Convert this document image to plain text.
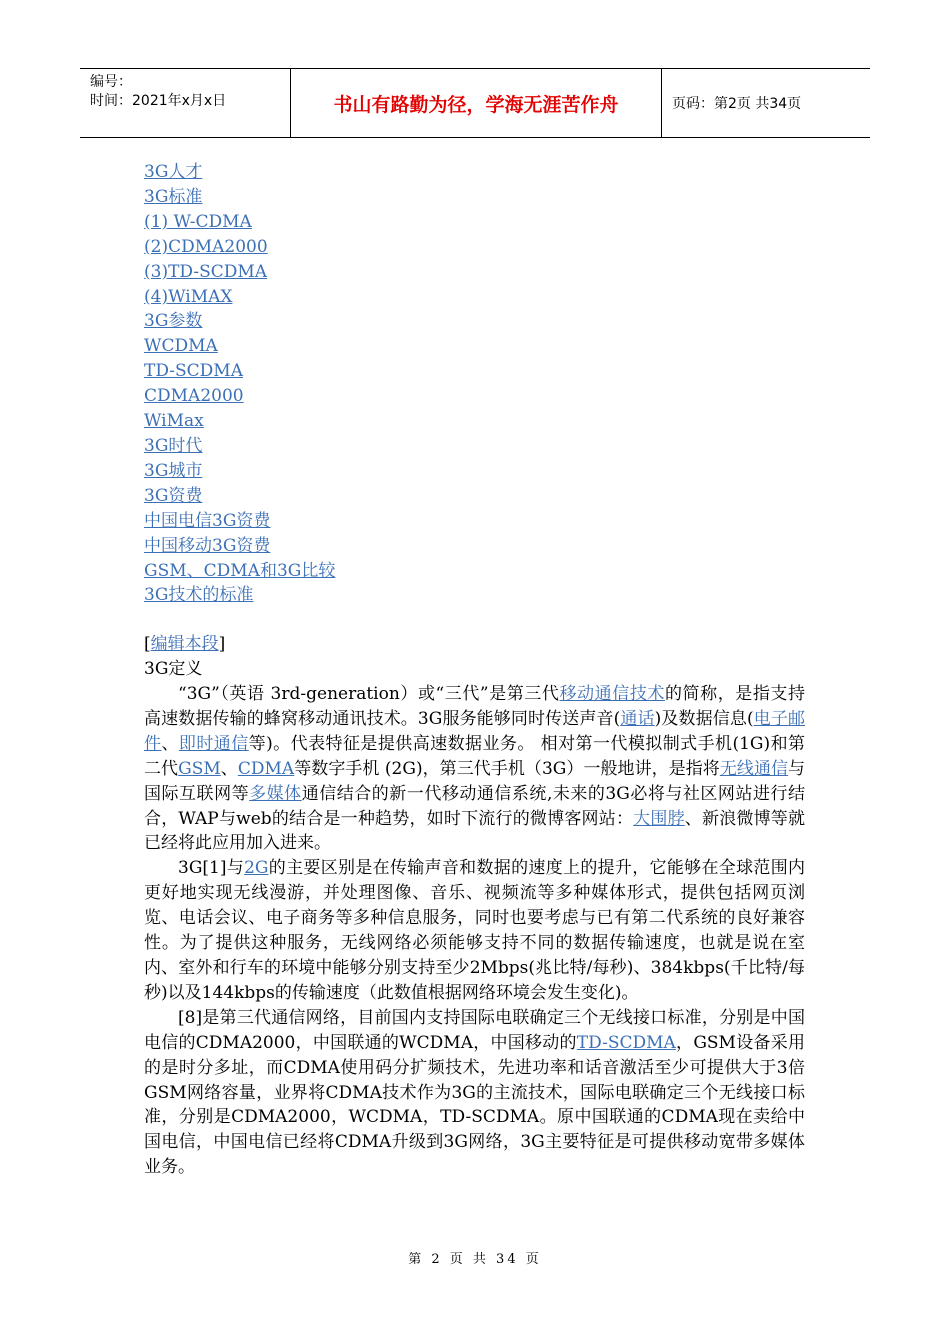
编号：
时间：2021年x月x日	书山有路勤为径，学海无涯苦作舟	页码：第2页 共34页
3G人才
3G标准
(1) W-CDMA
(2)CDMA2000
(3)TD-SCDMA
(4)WiMAX
3G参数
WCDMA
TD-SCDMA
CDMA2000
WiMax
3G时代
3G城市
3G资费
中国电信3G资费
中国移动3G资费
GSM、CDMA和3G比较
3G技术的标准
[编辑本段]
3G定义

“3G”（英语 3rd-generation）或“三代”是第三代移动通信技术的简称，是指支持高速数据传输的蜂窝移动通讯技术。3G服务能够同时传送声音(通话)及数据信息(电子邮件、即时通信等)。代表特征是提供高速数据业务。 相对第一代模拟制式手机(1G)和第二代GSM、CDMA等数字手机 (2G)，第三代手机（3G）一般地讲，是指将无线通信与国际互联网等多媒体通信结合的新一代移动通信系统,未来的3G必将与社区网站进行结合，WAP与web的结合是一种趋势，如时下流行的微博客网站：大围脖、新浪微博等就已经将此应用加入进来。

3G[1]与2G的主要区别是在传输声音和数据的速度上的提升，它能够在全球范围内更好地实现无线漫游，并处理图像、音乐、视频流等多种媒体形式，提供包括网页浏览、电话会议、电子商务等多种信息服务，同时也要考虑与已有第二代系统的良好兼容性。为了提供这种服务，无线网络必须能够支持不同的数据传输速度，也就是说在室内、室外和行车的环境中能够分别支持至少2Mbps(兆比特/每秒)、384kbps(千比特/每秒)以及144kbps的传输速度（此数值根据网络环境会发生变化)。

[8]是第三代通信网络，目前国内支持国际电联确定三个无线接口标准，分别是中国电信的CDMA2000，中国联通的WCDMA，中国移动的TD-SCDMA，GSM设备采用的是时分多址，而CDMA使用码分扩频技术，先进功率和话音激活至少可提供大于3倍GSM网络容量，业界将CDMA技术作为3G的主流技术，国际电联确定三个无线接口标准，分别是CDMA2000，WCDMA，TD-SCDMA。原中国联通的CDMA现在卖给中国电信，中国电信已经将CDMA升级到3G网络，3G主要特征是可提供移动宽带多媒体业务。

第 2 页 共 34 页
